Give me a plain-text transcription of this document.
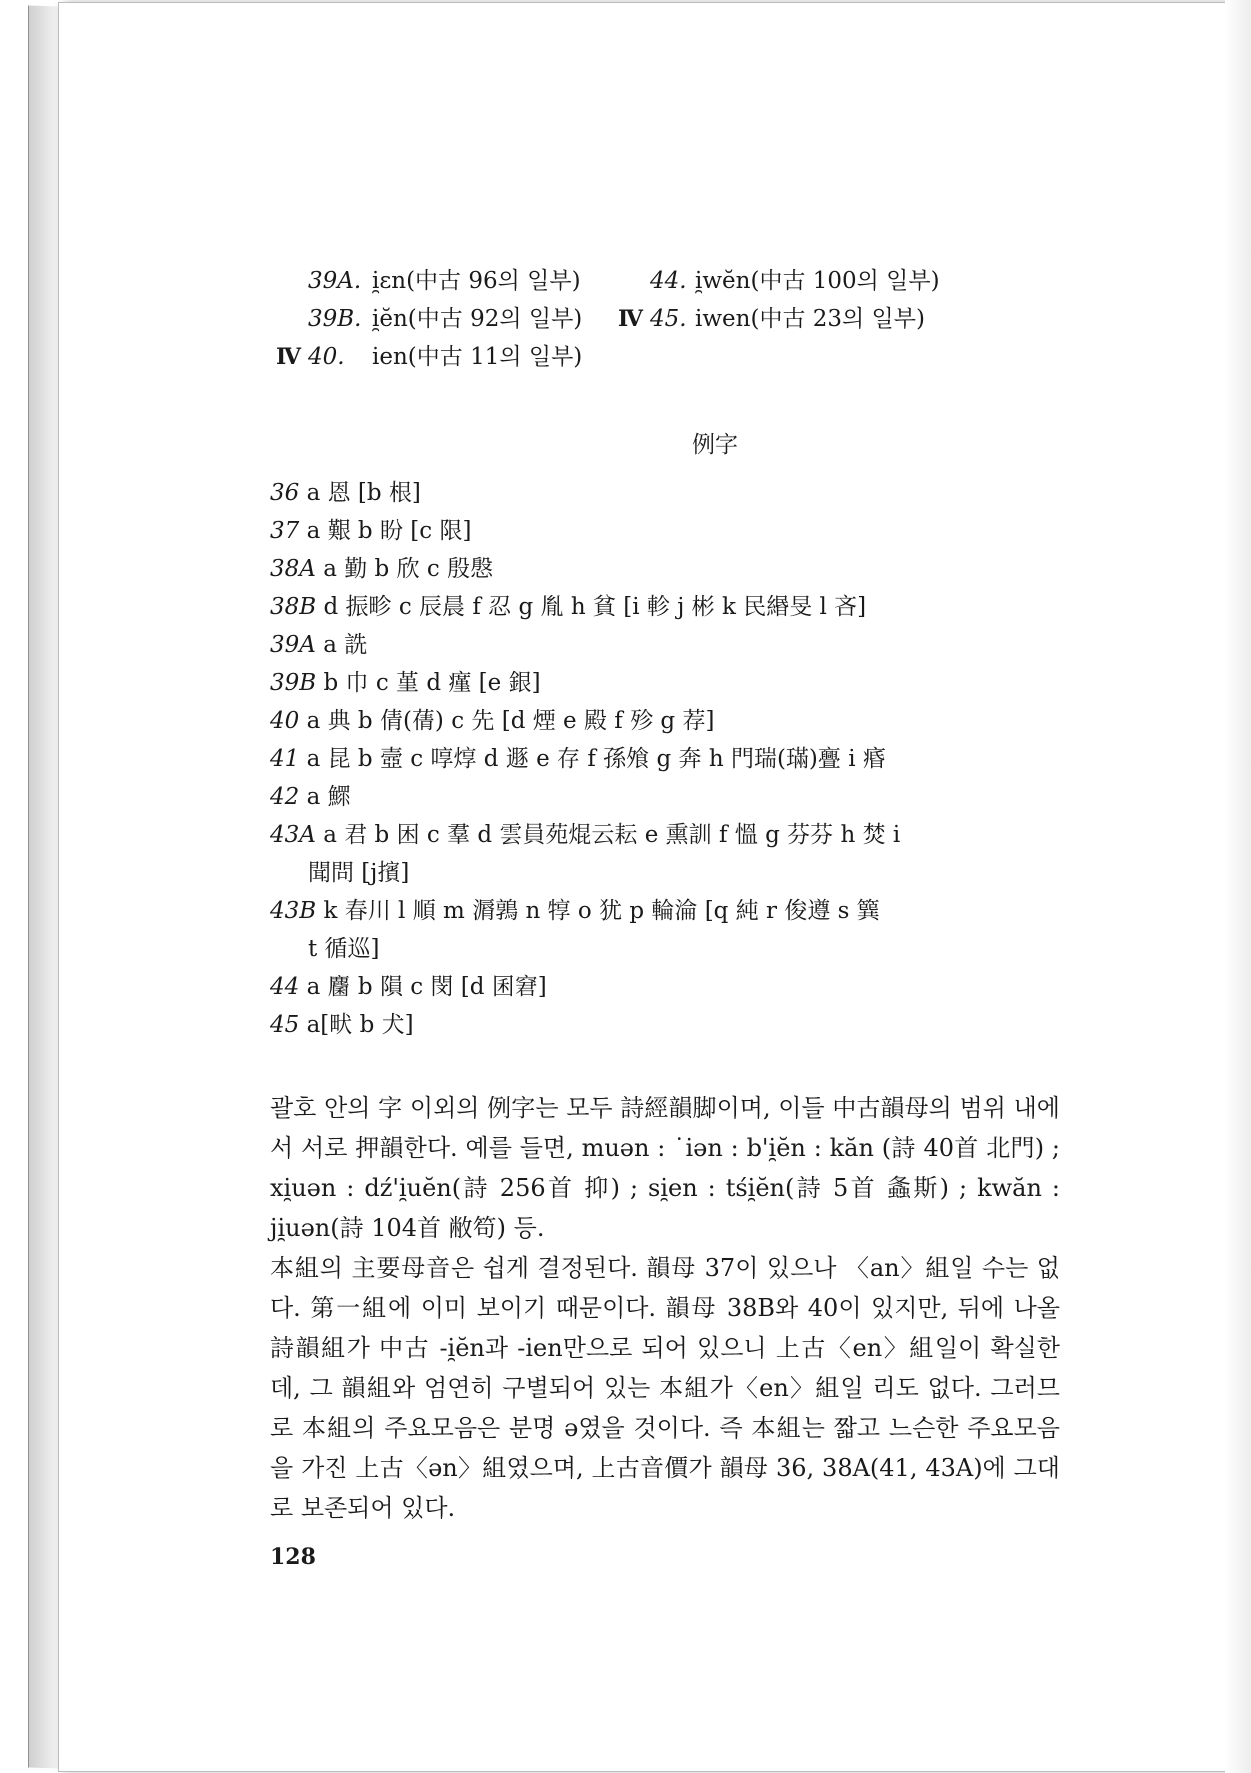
39A. i̯ɛn(中古 96의 일부)	44. i̯wĕn(中古 100의 일부)
39B. i̯ĕn(中古 92의 일부) Ⅳ 45. iwen(中古 23의 일부)
Ⅳ 40. ien(中古 11의 일부)
例字
36 a 恩 [b 根]
37 a 艱 b 盼 [c 限]
38A a 勤 b 欣 c 殷慇
38B d 振畛 c 辰晨 f 忍 g 胤 h 貧 [i 軫 j 彬 k 民緡旻 l 吝]
39A a 詵
39B b 巾 c 堇 d 瘽 [e 銀]
40 a 典 b 倩(蒨) c 先 [d 煙 e 殿 f 殄 g 荐]
41 a 昆 b 壼 c 啍焞 d 遯 e 存 f 孫飧 g 奔 h 門瑞(璊)亹 i 痻
42 a 鰥
43A a 君 b 困 c 羣 d 雲員苑焜云耘 e 熏訓 f 慍 g 芬芬 h 焚 i
聞問 [j擯]
43B k 春川 l 順 m 漘鶉 n 犉 o 犹 p 輪淪 [q 純 r 俊遵 s 簨
t 循巡]
44 a 麕 b 隕 c 閔 [d 囷窘]
45 a[畎 b 犬]

괄호 안의 字 이외의 例字는 모두 詩經韻脚이며, 이들 中古韻母의 범위 내에서 서로 押韻한다. 예를 들면, muən : ˙iən : b'i̯ĕn : kăn (詩 40首 北門) ; xi̯uən : dź'i̯uĕn(詩 256首 抑) ; si̯en : tśi̯ĕn(詩 5首 螽斯) ; kwăn : ji̯uən(詩 104首 敝笱) 등.

本組의 主要母音은 쉽게 결정된다. 韻母 37이 있으나 〈an〉組일 수는 없다. 第一組에 이미 보이기 때문이다. 韻母 38B와 40이 있지만, 뒤에 나올 詩韻組가 中古 -i̯ĕn과 -ien만으로 되어 있으니 上古〈en〉組일이 확실한데, 그 韻組와 엄연히 구별되어 있는 本組가〈en〉組일 리도 없다. 그러므로 本組의 주요모음은 분명 ə였을 것이다. 즉 本組는 짧고 느슨한 주요모음을 가진 上古〈ən〉組였으며, 上古音價가 韻母 36, 38A(41, 43A)에 그대로 보존되어 있다.

128
